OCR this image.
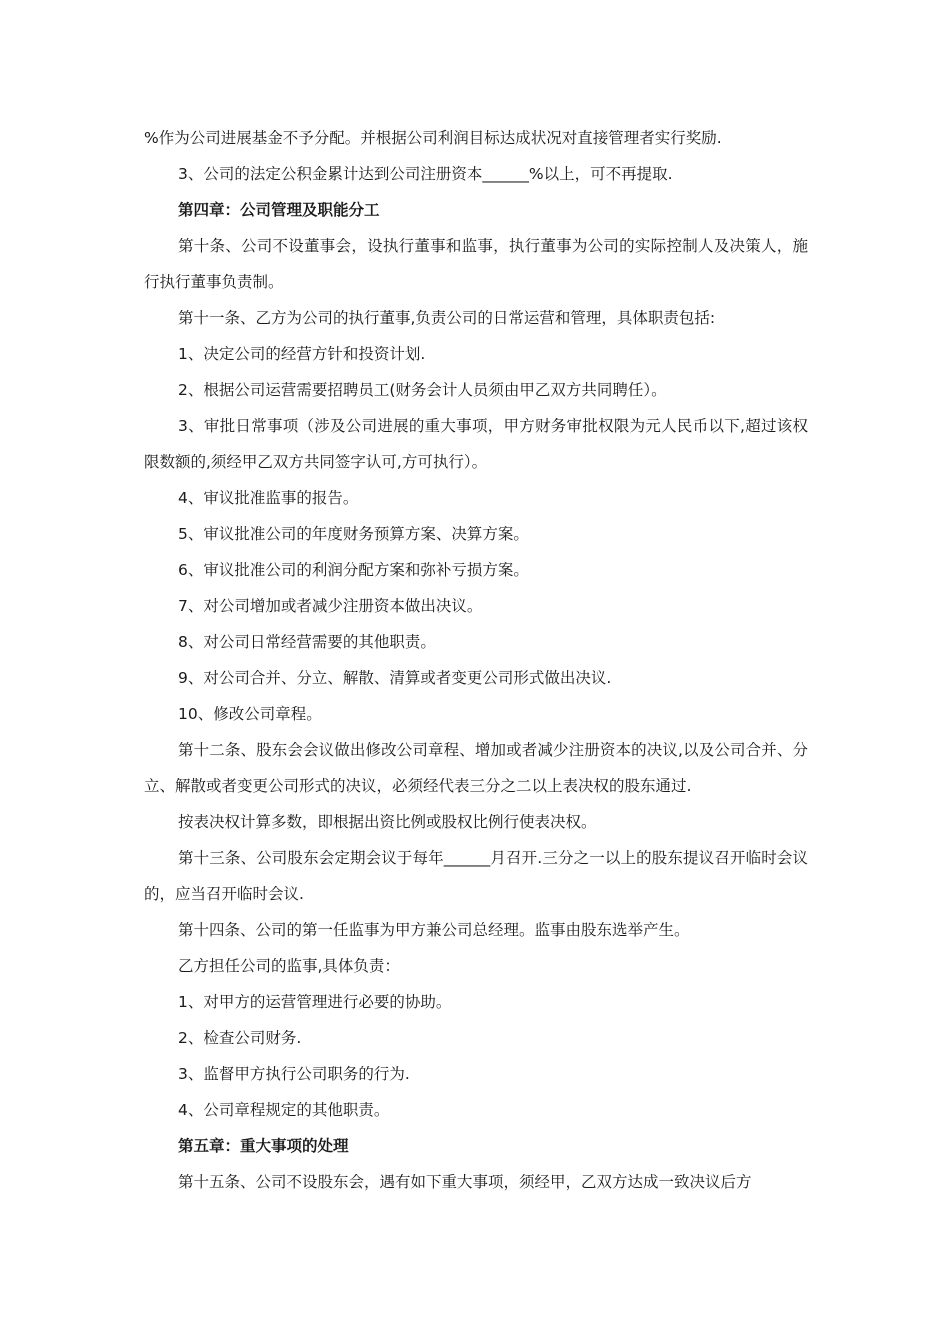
%作为公司进展基金不予分配。并根据公司利润目标达成状况对直接管理者实行奖励.

3、公司的法定公积金累计达到公司注册资本______%以上，可不再提取.

第四章：公司管理及职能分工

第十条、公司不设董事会，设执行董事和监事，执行董事为公司的实际控制人及决策人，施行执行董事负责制。

第十一条、乙方为公司的执行董事,负责公司的日常运营和管理，具体职责包括:

1、决定公司的经营方针和投资计划.

2、根据公司运营需要招聘员工(财务会计人员须由甲乙双方共同聘任）。

3、审批日常事项（涉及公司进展的重大事项，甲方财务审批权限为元人民币以下,超过该权限数额的,须经甲乙双方共同签字认可,方可执行）。

4、审议批准监事的报告。

5、审议批准公司的年度财务预算方案、决算方案。

6、审议批准公司的利润分配方案和弥补亏损方案。

7、对公司增加或者减少注册资本做出决议。

8、对公司日常经营需要的其他职责。

9、对公司合并、分立、解散、清算或者变更公司形式做出决议.

10、修改公司章程。

第十二条、股东会会议做出修改公司章程、增加或者减少注册资本的决议,以及公司合并、分立、解散或者变更公司形式的决议，必须经代表三分之二以上表决权的股东通过.

按表决权计算多数，即根据出资比例或股权比例行使表决权。

第十三条、公司股东会定期会议于每年______月召开.三分之一以上的股东提议召开临时会议的，应当召开临时会议.

第十四条、公司的第一任监事为甲方兼公司总经理。监事由股东选举产生。

乙方担任公司的监事,具体负责：

1、对甲方的运营管理进行必要的协助。

2、检查公司财务.

3、监督甲方执行公司职务的行为.

4、公司章程规定的其他职责。

第五章：重大事项的处理

第十五条、公司不设股东会，遇有如下重大事项，须经甲，乙双方达成一致决议后方
